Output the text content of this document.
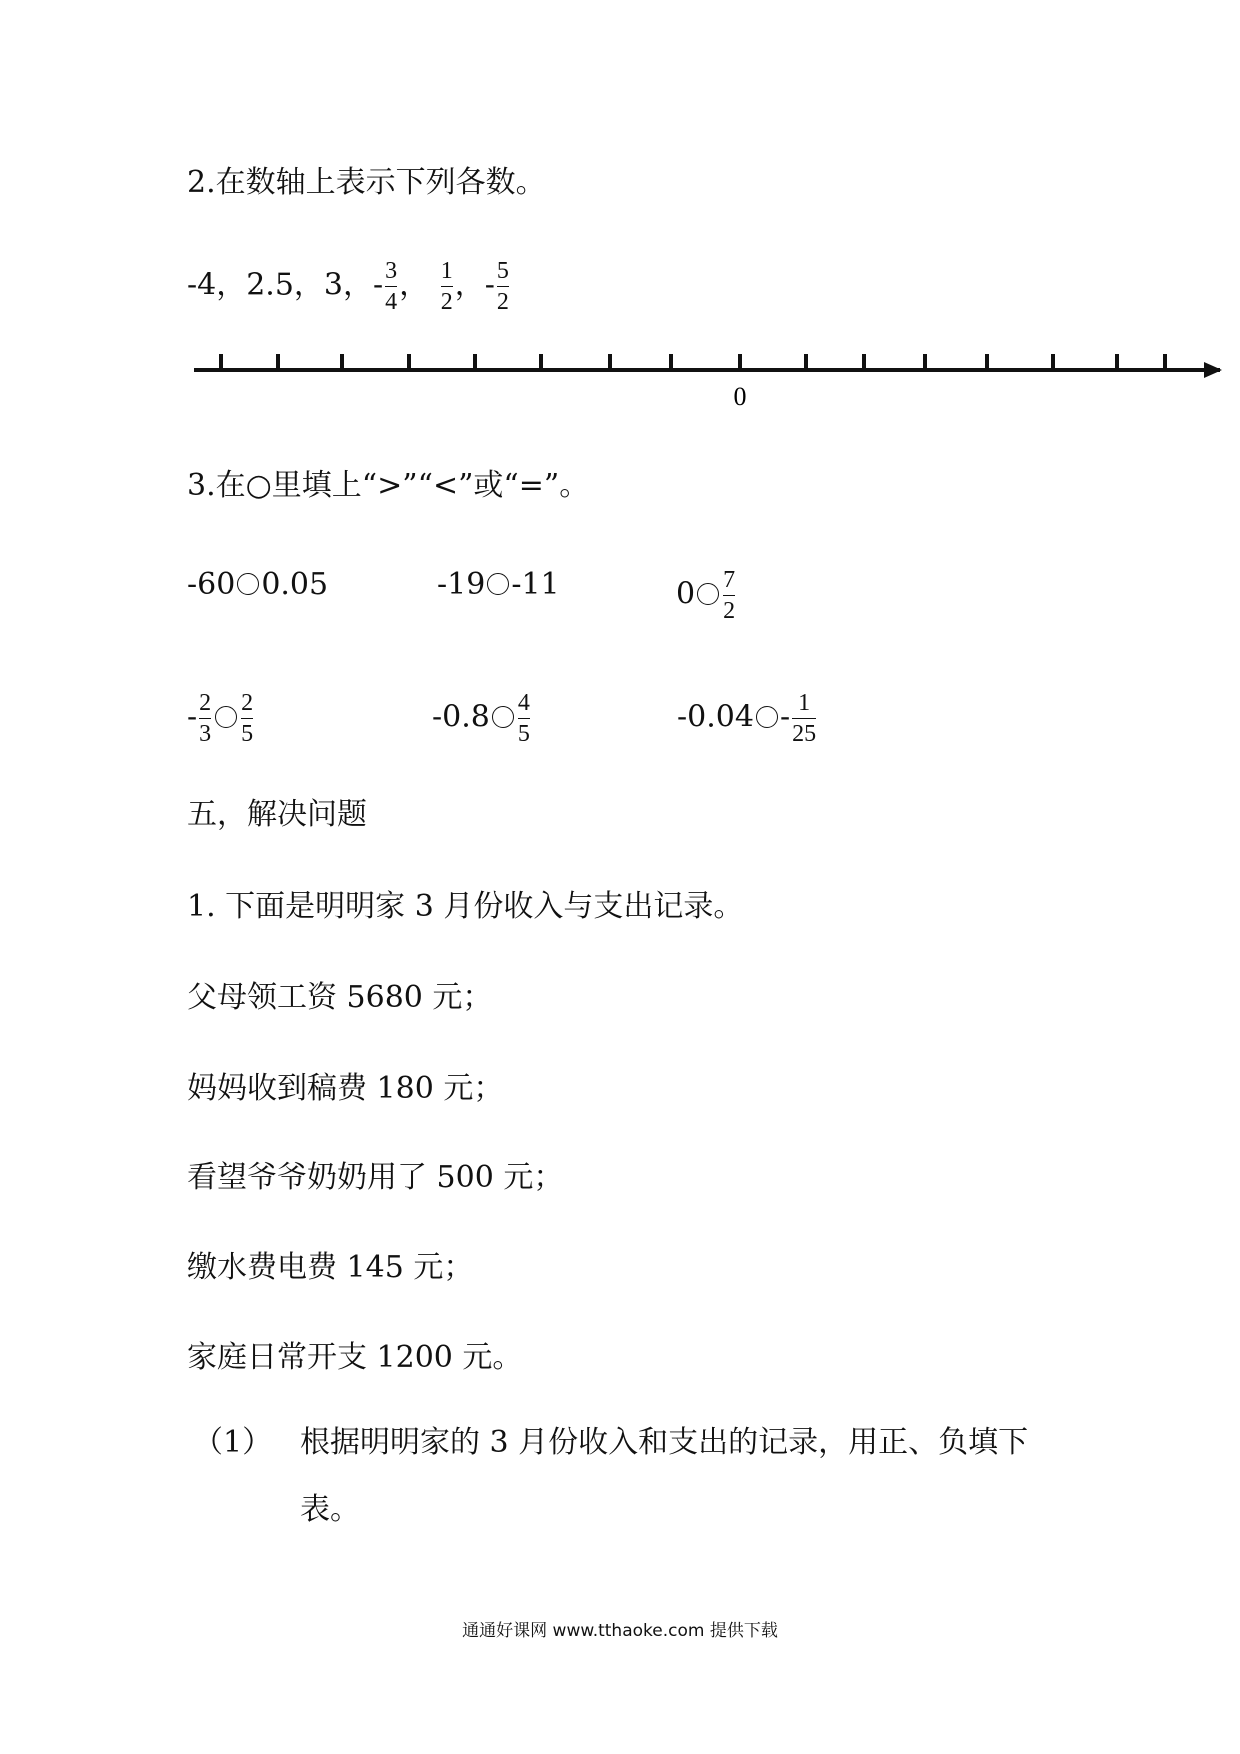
2.在数轴上表示下列各数。
-4，2.5，3，- $\frac{3}{4}$ ， $\frac{1}{2}$ ，- $\frac{5}{2}$
0
3.在○里填上“>”“<”或“=”。
-60 0.05	-19 -11	$0 \frac{7}{2}$
- $\frac{2}{3} \frac{2}{5}$	$-0.8 \frac{4}{5}$	$-0.04 - \frac{1}{25}$
五，解决问题
1. 下面是明明家 3 月份收入与支出记录。
父母领工资 5680 元；
妈妈收到稿费 180 元；
看望爷爷奶奶用了 500 元；
缴水费电费 145 元；
家庭日常开支 1200 元。
（1） 根据明明家的 3 月份收入和支出的记录，用正、负填下
表。
通通好课网 www.tthaoke.com 提供下载
